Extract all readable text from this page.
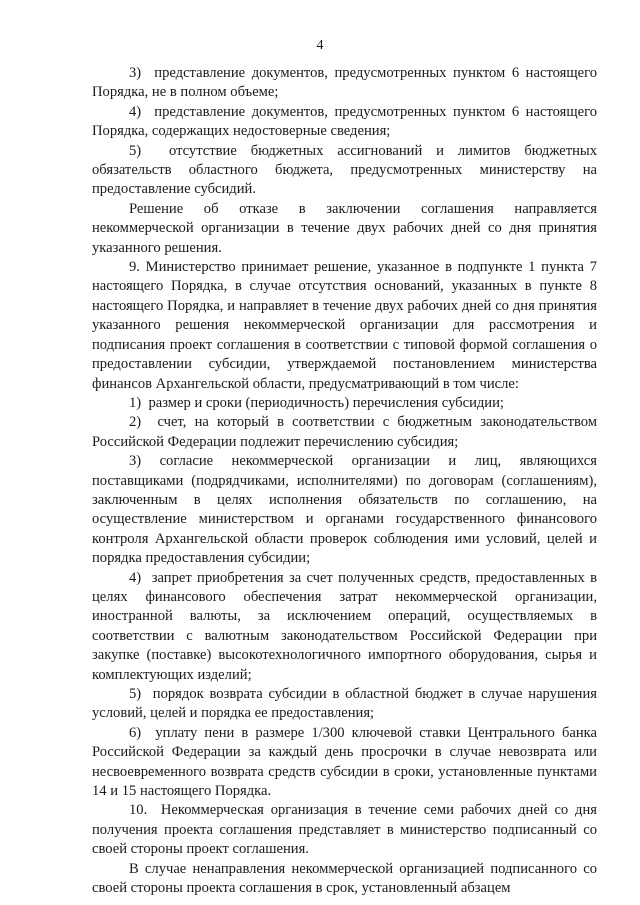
4

3)  представление документов, предусмотренных пунктом 6 настоящего Порядка, не в полном объеме;

4)  представление документов, предусмотренных пунктом 6 настоящего Порядка, содержащих недостоверные сведения;

5)  отсутствие бюджетных ассигнований и лимитов бюджетных обязательств областного бюджета, предусмотренных министерству на предоставление субсидий.

Решение об отказе в заключении соглашения направляется некоммерческой организации в течение двух рабочих дней со дня принятия указанного решения.

9. Министерство принимает решение, указанное в подпункте 1 пункта 7 настоящего Порядка, в случае отсутствия оснований, указанных в пункте 8 настоящего Порядка, и направляет в течение двух рабочих дней со дня принятия указанного решения некоммерческой организации для рассмотрения и подписания проект соглашения в соответствии с типовой формой соглашения о предоставлении субсидии, утверждаемой постановлением министерства финансов Архангельской области, предусматривающий в том числе:

1)  размер и сроки (периодичность) перечисления субсидии;

2)  счет, на который в соответствии с бюджетным законодательством Российской Федерации подлежит перечислению субсидия;

3) согласие некоммерческой организации и лиц, являющихся поставщиками (подрядчиками, исполнителями) по договорам (соглашениям), заключенным в целях исполнения обязательств по соглашению, на осуществление министерством и органами государственного финансового контроля Архангельской области проверок соблюдения ими условий, целей и порядка предоставления субсидии;

4)  запрет приобретения за счет полученных средств, предоставленных в целях финансового обеспечения затрат некоммерческой организации, иностранной валюты, за исключением операций, осуществляемых в соответствии с валютным законодательством Российской Федерации при закупке (поставке) высокотехнологичного импортного оборудования, сырья и комплектующих изделий;

5)  порядок возврата субсидии в областной бюджет в случае нарушения условий, целей и порядка ее предоставления;

6)  уплату пени в размере 1/300 ключевой ставки Центрального банка Российской Федерации за каждый день просрочки в случае невозврата или несвоевременного возврата средств субсидии в сроки, установленные пунктами 14 и 15 настоящего Порядка.

10.  Некоммерческая организация в течение семи рабочих дней со дня получения проекта соглашения представляет в министерство подписанный со своей стороны проект соглашения.

В случае ненаправления некоммерческой организацией подписанного со своей стороны проекта соглашения в срок, установленный абзацем
